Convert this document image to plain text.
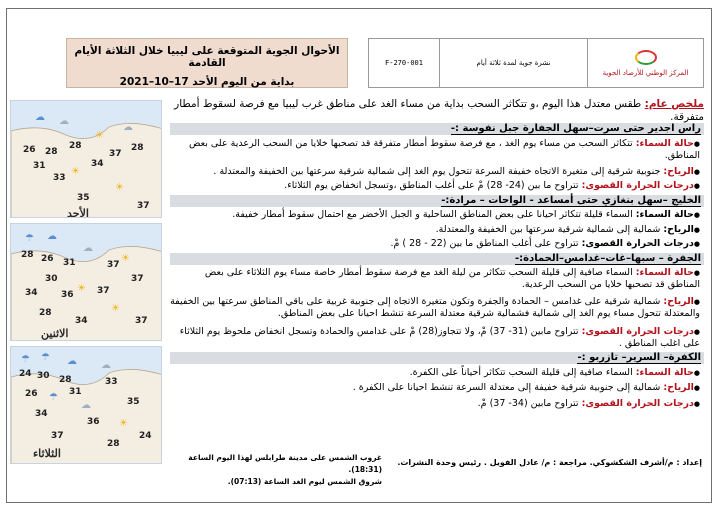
الأحوال الجوية المتوقعة على ليبيا خلال الثلاثة الأيام القادمة
بداية من اليوم الأحد 17–10–2021
F-270-001	نشرة جوية لمدة ثلاثة أيام
المركز الوطني للأرصاد الجوية
ملخص عام: طقس معتدل هذا اليوم ،و تتكاثر السحب بداية من مساء الغد على مناطق غرب ليبيا مع فرصة لسقوط أمطار متفرقة.
راس اجدير حتى سرت–سهل الجفارة جبل نفوسة :-
●حالة السماء: تتكاثر السحب من مساء يوم الغد ، مع فرصة سقوط أمطار متفرقة قد تصحبها خلايا من السحب الرعدية على بعض المناطق.
●الرياح: جنوبية شرقية إلى متغيرة الاتجاه خفيفة السرعة تتحول يوم الغد إلى شمالية شرقية سرعتها بين الخفيفة والمعتدلة .
●درجات الحرارة القصوى: تتراوح ما بين (24- 28) مْ على أغلب المناطق ،وتسجل انخفاض يوم الثلاثاء.
الخليج –سهل بنغازي حتى أمساعد - الواحات – مرادة:-
●حالة السماء: السماء قليلة تتكاثر احيانا على بعض المناطق الساحلية و الجبل الأخضر مع احتمال سقوط أمطار خفيفة.
●الرياح: شمالية إلى شمالية شرقية سرعتها بين الخفيفة والمعتدلة.
●درجات الحرارة القصوى: تتراوح على أغلب المناطق ما بين (22 - 28 ) مْ.
الجفرة – سبها–غات–غدامس–الحمادة:-
●حالة السماء: السماء صافية إلى قليلة السحب تتكاثر من ليلة الغد مع فرصة سقوط أمطار خاصة مساء يوم الثلاثاء على بعض المناطق قد تصحبها خلايا من السحب الرعدية.
●الرياح: شمالية شرقية على غدامس – الحمادة والجفرة وتكون متغيرة الاتجاه إلى جنوبية غربية على باقي المناطق سرعتها بين الخفيفة والمعتدلة تتحول مساء يوم الغد إلى شمالية فشمالية شرقية معتدلة السرعة تنشط احيانا على بعض المناطق.
●درجات الحرارة القصوى: تتراوح مابين (31- 37) مْ، ولا تتجاوز(28) مْ على غدامس والحمادة وتسجل انخفاض ملحوظ يوم الثلاثاء على اغلب المناطق .
الكفرة– السرير– تازربو :-
●حالة السماء: السماء صافية إلى قليلة السحب تتكاثر أحياناً على الكفرة.
●الرياح: شمالية إلى جنوبية شرقية خفيفة إلى معتدلة السرعة تنشط احيانا على الكفرة .
●درجات الحرارة القصوى: تتراوح مابين (34- 37) مْ.
☁ ☁
☀
☁
☀
☀
26 28
28
31
33
34
37
35
28
37
الأحد
☂ ☁
☁
☀
☀
☀
28 26 31	37
30
34	36	37
37
28
34	37
الاثنين
☂ ☂ ☁ ☁
☂
☁
☀
24 30 28	33
26	31
34
36
35
37
28
24
الثلاثاء	غروب الشمس على مدينة طرابلس لهذا اليوم الساعة (18:31).
شروق الشمس ليوم الغد الساعة (07:13).
إعداد : م/أشرف الشكشوكي. مراجعة : م/ عادل الفويل . رئيس وحدة النشرات.
